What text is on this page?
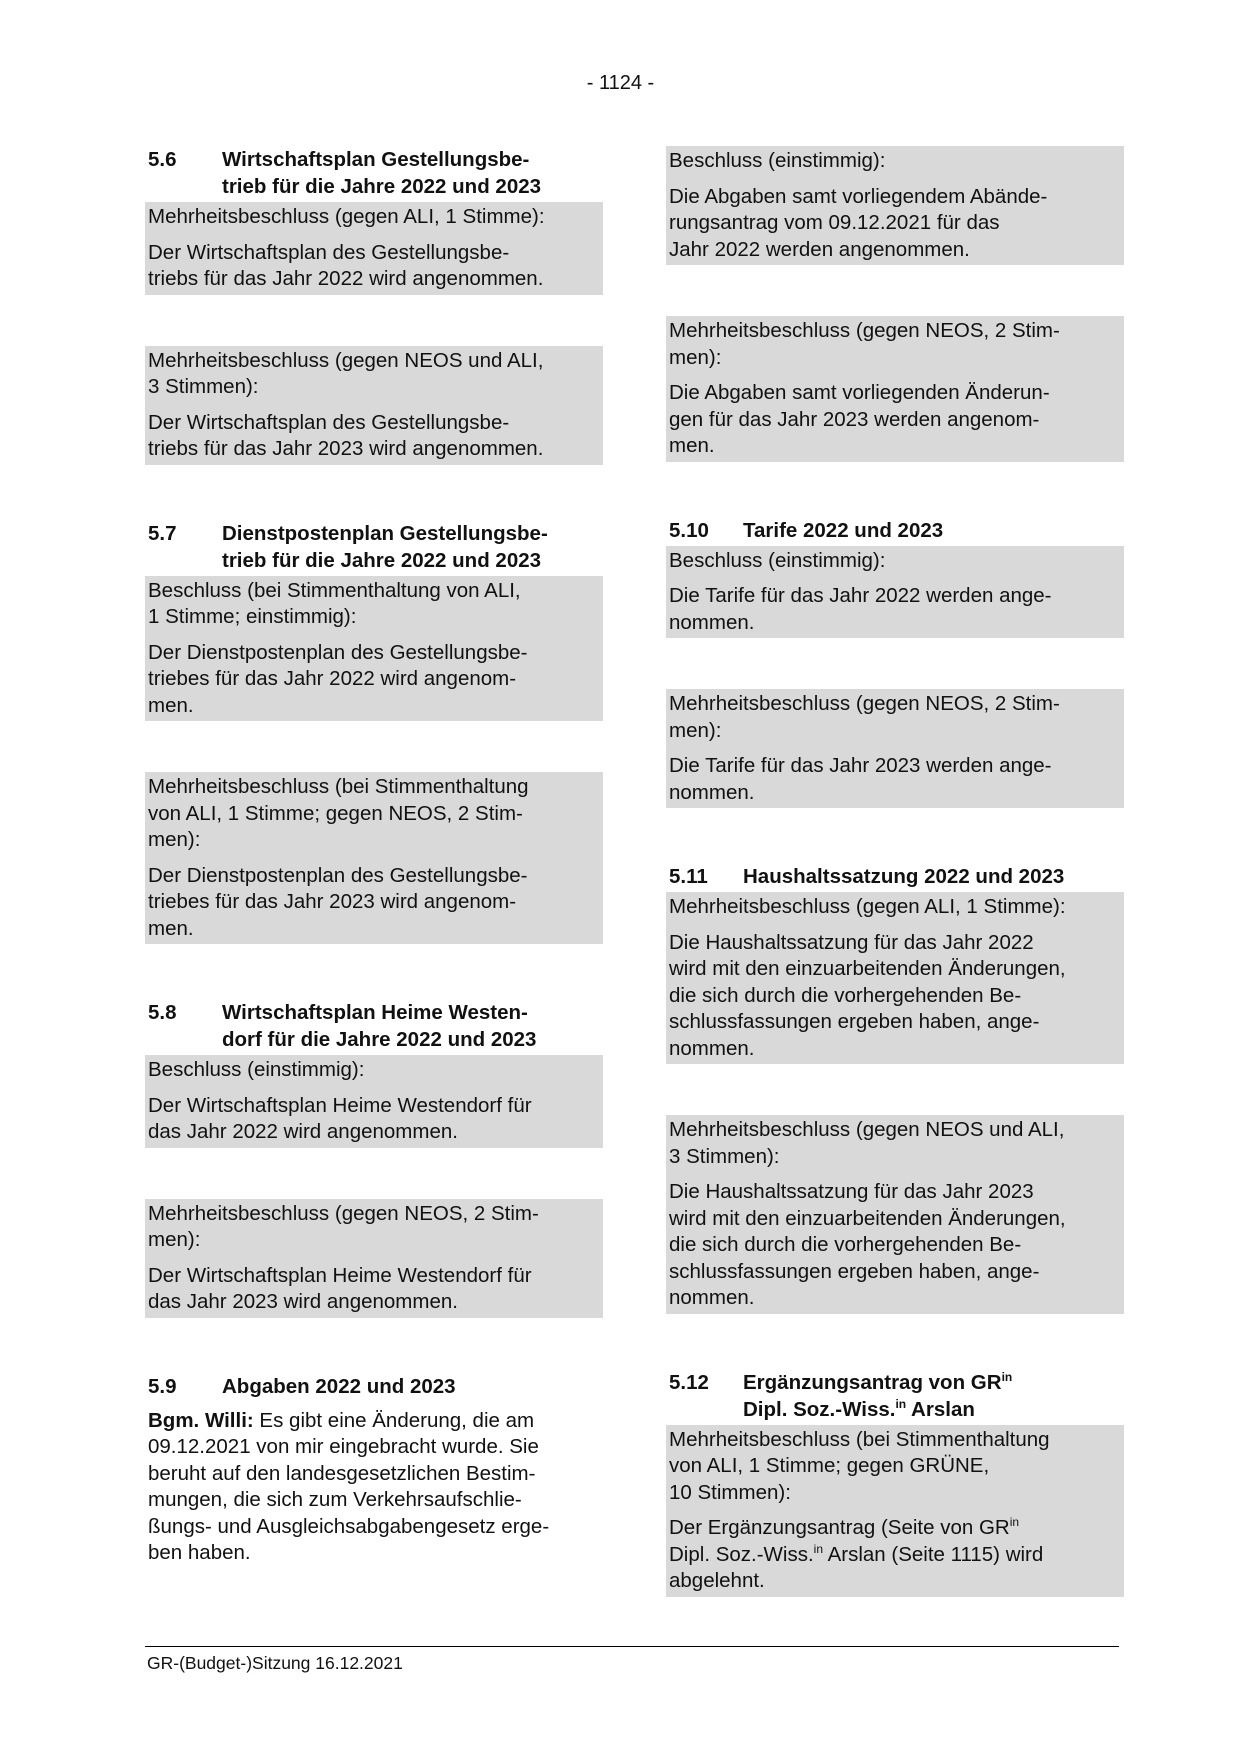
- 1124 -
5.6	Wirtschaftsplan Gestellungsbe-
trieb für die Jahre 2022 und 2023

Mehrheitsbeschluss (gegen ALI, 1 Stimme):

Der Wirtschaftsplan des Gestellungsbe-
triebs für das Jahr 2022 wird angenommen.

Mehrheitsbeschluss (gegen NEOS und ALI,
3 Stimmen):

Der Wirtschaftsplan des Gestellungsbe-
triebs für das Jahr 2023 wird angenommen.

5.7	Dienstpostenplan Gestellungsbe-
trieb für die Jahre 2022 und 2023

Beschluss (bei Stimmenthaltung von ALI,
1 Stimme; einstimmig):

Der Dienstpostenplan des Gestellungsbe-
triebes für das Jahr 2022 wird angenom-
men.

Mehrheitsbeschluss (bei Stimmenthaltung
von ALI, 1 Stimme; gegen NEOS, 2 Stim-
men):

Der Dienstpostenplan des Gestellungsbe-
triebes für das Jahr 2023 wird angenom-
men.

5.8	Wirtschaftsplan Heime Westen-
dorf für die Jahre 2022 und 2023

Beschluss (einstimmig):

Der Wirtschaftsplan Heime Westendorf für
das Jahr 2022 wird angenommen.

Mehrheitsbeschluss (gegen NEOS, 2 Stim-
men):

Der Wirtschaftsplan Heime Westendorf für
das Jahr 2023 wird angenommen.

5.9	Abgaben 2022 und 2023
Bgm. Willi: Es gibt eine Änderung, die am
09.12.2021 von mir eingebracht wurde. Sie
beruht auf den landesgesetzlichen Bestim-
mungen, die sich zum Verkehrsaufschlie-
ßungs- und Ausgleichsabgabengesetz erge-
ben haben.

Beschluss (einstimmig):

Die Abgaben samt vorliegendem Abände-
rungsantrag vom 09.12.2021 für das
Jahr 2022 werden angenommen.

Mehrheitsbeschluss (gegen NEOS, 2 Stim-
men):

Die Abgaben samt vorliegenden Änderun-
gen für das Jahr 2023 werden angenom-
men.

5.10	Tarife 2022 und 2023

Beschluss (einstimmig):

Die Tarife für das Jahr 2022 werden ange-
nommen.

Mehrheitsbeschluss (gegen NEOS, 2 Stim-
men):

Die Tarife für das Jahr 2023 werden ange-
nommen.

5.11	Haushaltssatzung 2022 und 2023

Mehrheitsbeschluss (gegen ALI, 1 Stimme):

Die Haushaltssatzung für das Jahr 2022
wird mit den einzuarbeitenden Änderungen,
die sich durch die vorhergehenden Be-
schlussfassungen ergeben haben, ange-
nommen.

Mehrheitsbeschluss (gegen NEOS und ALI,
3 Stimmen):

Die Haushaltssatzung für das Jahr 2023
wird mit den einzuarbeitenden Änderungen,
die sich durch die vorhergehenden Be-
schlussfassungen ergeben haben, ange-
nommen.

5.12	Ergänzungsantrag von $GR^{in}$
Dipl. Soz.-Wiss.$^{in}$ Arslan

Mehrheitsbeschluss (bei Stimmenthaltung
von ALI, 1 Stimme; gegen GRÜNE,
10 Stimmen):

Der Ergänzungsantrag (Seite von $GR^{in}$
Dipl. Soz.-Wiss.$^{in}$ Arslan (Seite 1115) wird
abgelehnt.

GR-(Budget-)Sitzung 16.12.2021
